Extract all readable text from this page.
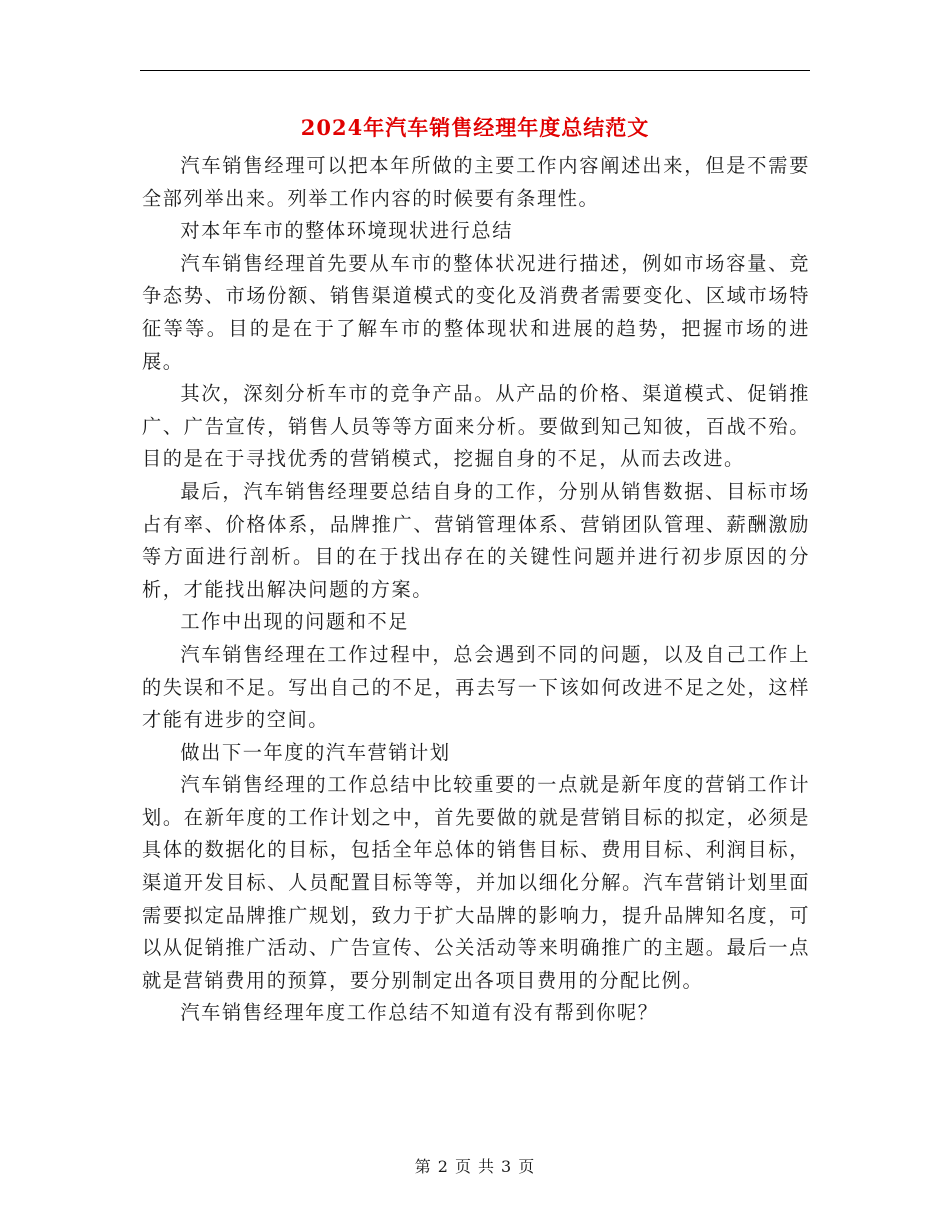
2024年汽车销售经理年度总结范文

汽车销售经理可以把本年所做的主要工作内容阐述出来，但是不需要全部列举出来。列举工作内容的时候要有条理性。

对本年车市的整体环境现状进行总结

汽车销售经理首先要从车市的整体状况进行描述，例如市场容量、竞争态势、市场份额、销售渠道模式的变化及消费者需要变化、区域市场特征等等。目的是在于了解车市的整体现状和进展的趋势，把握市场的进展。

其次，深刻分析车市的竞争产品。从产品的价格、渠道模式、促销推广、广告宣传，销售人员等等方面来分析。要做到知己知彼，百战不殆。目的是在于寻找优秀的营销模式，挖掘自身的不足，从而去改进。

最后，汽车销售经理要总结自身的工作，分别从销售数据、目标市场占有率、价格体系，品牌推广、营销管理体系、营销团队管理、薪酬激励等方面进行剖析。目的在于找出存在的关键性问题并进行初步原因的分析，才能找出解决问题的方案。

工作中出现的问题和不足

汽车销售经理在工作过程中，总会遇到不同的问题，以及自己工作上的失误和不足。写出自己的不足，再去写一下该如何改进不足之处，这样才能有进步的空间。

做出下一年度的汽车营销计划

汽车销售经理的工作总结中比较重要的一点就是新年度的营销工作计划。在新年度的工作计划之中，首先要做的就是营销目标的拟定，必须是具体的数据化的目标，包括全年总体的销售目标、费用目标、利润目标，渠道开发目标、人员配置目标等等，并加以细化分解。汽车营销计划里面需要拟定品牌推广规划，致力于扩大品牌的影响力，提升品牌知名度，可以从促销推广活动、广告宣传、公关活动等来明确推广的主题。最后一点就是营销费用的预算，要分别制定出各项目费用的分配比例。

汽车销售经理年度工作总结不知道有没有帮到你呢？

第 2 页 共 3 页
